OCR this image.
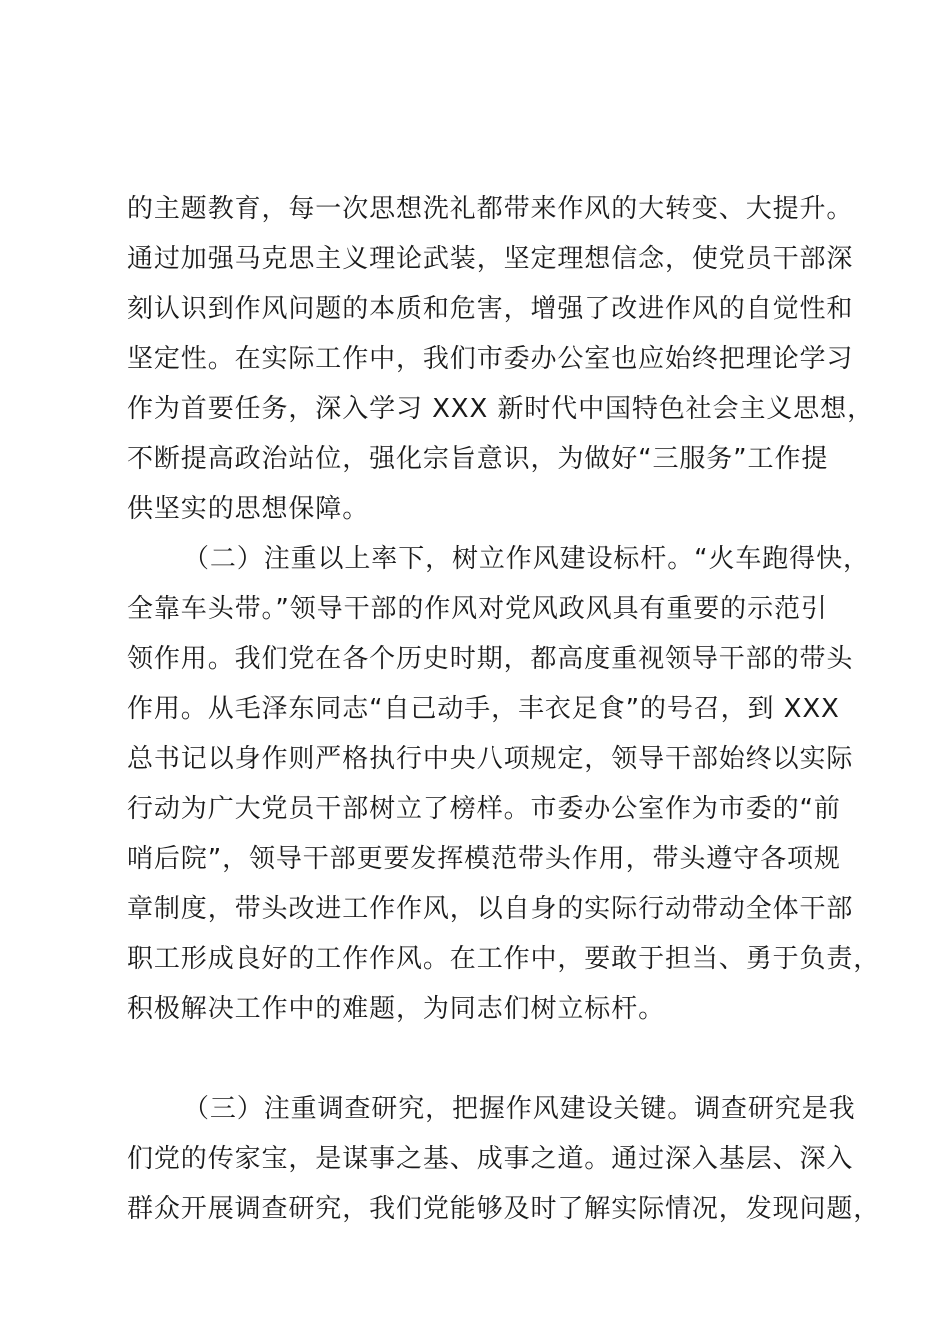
的主题教育，每一次思想洗礼都带来作风的大转变、大提升。
通过加强马克思主义理论武装，坚定理想信念，使党员干部深
刻认识到作风问题的本质和危害，增强了改进作风的自觉性和
坚定性。在实际工作中，我们市委办公室也应始终把理论学习
作为首要任务，深入学习 XXX 新时代中国特色社会主义思想，
不断提高政治站位，强化宗旨意识，为做好“三服务”工作提
供坚实的思想保障。
（二）注重以上率下，树立作风建设标杆。“火车跑得快，
全靠车头带。”领导干部的作风对党风政风具有重要的示范引
领作用。我们党在各个历史时期，都高度重视领导干部的带头
作用。从毛泽东同志“自己动手，丰衣足食”的号召，到 XXX
总书记以身作则严格执行中央八项规定，领导干部始终以实际
行动为广大党员干部树立了榜样。市委办公室作为市委的“前
哨后院”，领导干部更要发挥模范带头作用，带头遵守各项规
章制度，带头改进工作作风，以自身的实际行动带动全体干部
职工形成良好的工作作风。在工作中，要敢于担当、勇于负责，
积极解决工作中的难题，为同志们树立标杆。
（三）注重调查研究，把握作风建设关键。调查研究是我
们党的传家宝，是谋事之基、成事之道。通过深入基层、深入
群众开展调查研究，我们党能够及时了解实际情况，发现问题，
